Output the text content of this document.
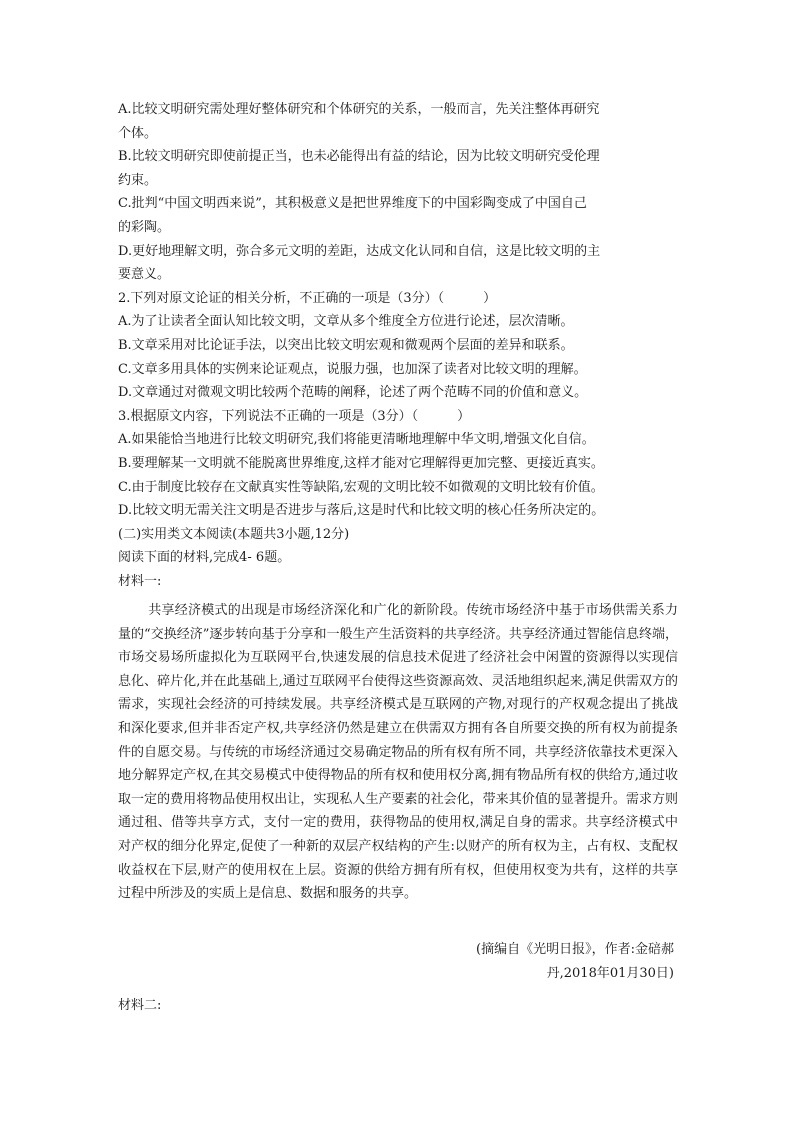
A.比较文明研究需处理好整体研究和个体研究的关系，一般而言，先关注整体再研究

个体。

B.比较文明研究即使前提正当，也未必能得出有益的结论，因为比较文明研究受伦理

约束。

C.批判“中国文明西来说”，其积极意义是把世界维度下的中国彩陶变成了中国自己

的彩陶。

D.更好地理解文明，弥合多元文明的差距，达成文化认同和自信，这是比较文明的主

要意义。

2.下列对原文论证的相关分析，不正确的一项是（3分）（　　　）

A.为了让读者全面认知比较文明，文章从多个维度全方位进行论述，层次清晰。

B.文章采用对比论证手法，以突出比较文明宏观和微观两个层面的差异和联系。

C.文章多用具体的实例来论证观点，说服力强，也加深了读者对比较文明的理解。

D.文章通过对微观文明比较两个范畴的阐释，论述了两个范畴不同的价值和意义。

3.根据原文内容，下列说法不正确的一项是（3分）（　　　）

A.如果能恰当地进行比较文明研究,我们将能更清晰地理解中华文明,增强文化自信。

B.要理解某一文明就不能脱离世界维度,这样才能对它理解得更加完整、更接近真实。

C.由于制度比较存在文献真实性等缺陷,宏观的文明比较不如微观的文明比较有价值。

D.比较文明无需关注文明是否进步与落后,这是时代和比较文明的核心任务所决定的。

(二)实用类文本阅读(本题共3小题,12分)

阅读下面的材料,完成4- 6题。

材料一:

共享经济模式的出现是市场经济深化和广化的新阶段。传统市场经济中基于市场供需关系力量的“交换经济”逐步转向基于分享和一般生产生活资料的共享经济。共享经济通过智能信息终端，市场交易场所虚拟化为互联网平台,快速发展的信息技术促进了经济社会中闲置的资源得以实现信息化、碎片化,并在此基础上,通过互联网平台使得这些资源高效、灵活地组织起来,满足供需双方的需求，实现社会经济的可持续发展。共享经济模式是互联网的产物,对现行的产权观念提出了挑战和深化要求,但并非否定产权,共享经济仍然是建立在供需双方拥有各自所要交换的所有权为前提条件的自愿交易。与传统的市场经济通过交易确定物品的所有权有所不同，共享经济依靠技术更深入地分解界定产权,在其交易模式中使得物品的所有权和使用权分离,拥有物品所有权的供给方,通过收取一定的费用将物品使用权出让，实现私人生产要素的社会化，带来其价值的显著提升。需求方则通过租、借等共享方式，支付一定的费用，获得物品的使用权,满足自身的需求。共享经济模式中对产权的细分化界定,促使了一种新的双层产权结构的产生:以财产的所有权为主，占有权、支配权收益权在下层,财产的使用权在上层。资源的供给方拥有所有权，但使用权变为共有，这样的共享过程中所涉及的实质上是信息、数据和服务的共享。

(摘编自《光明日报》，作者:金碚郝

丹,2018年01月30日)

材料二:
